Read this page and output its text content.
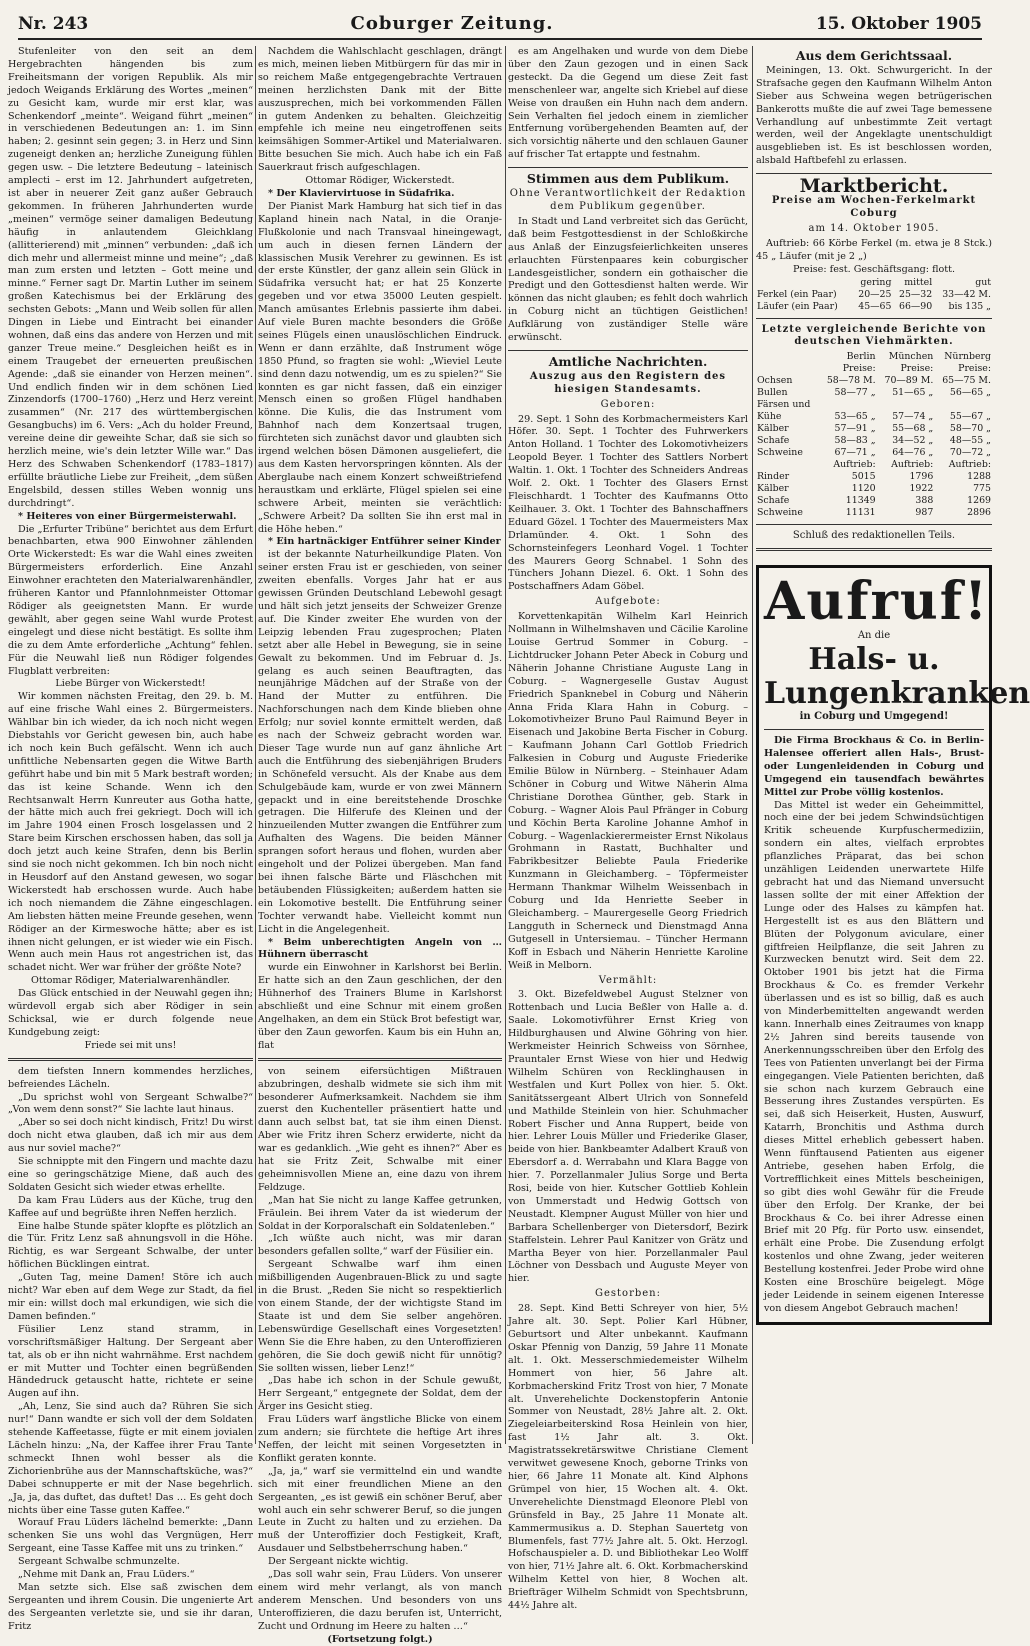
Nr. 243	Coburger Zeitung.	15. Oktober 1905

Stufenleiter von den seit an dem Hergebrachten hängenden bis zum Freiheitsmann der vorigen Republik. Als mir jedoch Weigands Erklärung des Wortes „meinen“ zu Gesicht kam, wurde mir erst klar, was Schenkendorf „meinte“. Weigand führt „meinen“ in verschiedenen Bedeutungen an: 1. im Sinn haben; 2. gesinnt sein gegen; 3. in Herz und Sinn zugeneigt denken an; herzliche Zuneigung fühlen gegen usw. – Die letztere Bedeutung – lateinisch amplecti – erst im 12. Jahrhundert aufgetreten, ist aber in neuerer Zeit ganz außer Gebrauch gekommen. In früheren Jahrhunderten wurde „meinen“ vermöge seiner damaligen Bedeutung häufig in anlautendem Gleichklang (allitterierend) mit „minnen“ verbunden: „daß ich dich mehr und allermeist minne und meine“; „daß man zum ersten und letzten – Gott meine und minne.“ Ferner sagt Dr. Martin Luther im seinem großen Katechismus bei der Erklärung des sechsten Gebots: „Mann und Weib sollen für allen Dingen in Liebe und Eintracht bei einander wohnen, daß eins das andere von Herzen und mit ganzer Treue meine.“ Desgleichen heißt es in einem Traugebet der erneuerten preußischen Agende: „daß sie einander von Herzen meinen“. Und endlich finden wir in dem schönen Lied Zinzendorfs (1700–1760) „Herz und Herz vereint zusammen“ (Nr. 217 des württembergischen Gesangbuchs) im 6. Vers: „Ach du holder Freund, vereine deine dir geweihte Schar, daß sie sich so herzlich meine, wie's dein letzter Wille war.“ Das Herz des Schwaben Schenkendorf (1783–1817) erfüllte bräutliche Liebe zur Freiheit, „dem süßen Engelsbild, dessen stilles Weben wonnig uns durchdringt“.

* Heiteres von einer Bürgermeisterwahl.

Die „Erfurter Tribüne“ berichtet aus dem Erfurt benachbarten, etwa 900 Einwohner zählenden Orte Wickerstedt: Es war die Wahl eines zweiten Bürgermeisters erforderlich. Eine Anzahl Einwohner erachteten den Materialwarenhändler, früheren Kantor und Pfannlohnmeister Ottomar Rödiger als geeignetsten Mann. Er wurde gewählt, aber gegen seine Wahl wurde Protest eingelegt und diese nicht bestätigt. Es sollte ihm die zu dem Amte erforderliche „Achtung“ fehlen. Für die Neuwahl ließ nun Rödiger folgendes Flugblatt verbreiten:

Liebe Bürger von Wickerstedt!

Wir kommen nächsten Freitag, den 29. b. M. auf eine frische Wahl eines 2. Bürgermeisters. Wählbar bin ich wieder, da ich noch nicht wegen Diebstahls vor Gericht gewesen bin, auch habe ich noch kein Buch gefälscht. Wenn ich auch unfittliche Nebensarten gegen die Witwe Barth geführt habe und bin mit 5 Mark bestraft worden; das ist keine Schande. Wenn ich den Rechtsanwalt Herrn Kunreuter aus Gotha hatte, der hätte mich auch frei gekriegt. Doch will ich im Jahre 1904 einen Frosch losgelassen und 2 Stare beim Kirschen erschossen haben, das soll ja doch jetzt auch keine Strafen, denn bis Berlin sind sie noch nicht gekommen. Ich bin noch nicht in Heusdorf auf den Anstand gewesen, wo sogar Wickerstedt hab erschossen wurde. Auch habe ich noch niemandem die Zähne eingeschlagen. Am liebsten hätten meine Freunde gesehen, wenn Rödiger an der Kirmeswoche hätte; aber es ist ihnen nicht gelungen, er ist wieder wie ein Fisch. Wenn auch mein Haus rot angestrichen ist, das schadet nicht. Wer war früher der größte Note?

Ottomar Rödiger, Materialwarenhändler.

Das Glück entschied in der Neuwahl gegen ihn; würdevoll ergab sich aber Rödiger in sein Schicksal, wie er durch folgende neue Kundgebung zeigt:

Friede sei mit uns!

dem tiefsten Innern kommendes herzliches, befreiendes Lächeln.

„Du sprichst wohl von Sergeant Schwalbe?“ „Von wem denn sonst?“ Sie lachte laut hinaus.

„Aber so sei doch nicht kindisch, Fritz! Du wirst doch nicht etwa glauben, daß ich mir aus dem aus nur soviel mache?“

Sie schnippte mit den Fingern und machte dazu eine so geringschätzige Miene, daß auch des Soldaten Gesicht sich wieder etwas erhellte.

Da kam Frau Lüders aus der Küche, trug den Kaffee auf und begrüßte ihren Neffen herzlich.

Eine halbe Stunde später klopfte es plötzlich an die Tür. Fritz Lenz saß ahnungsvoll in die Höhe. Richtig, es war Sergeant Schwalbe, der unter höflichen Bücklingen eintrat.

„Guten Tag, meine Damen! Störe ich auch nicht? War eben auf dem Wege zur Stadt, da fiel mir ein: willst doch mal erkundigen, wie sich die Damen befinden.“

Füsilier Lenz stand stramm, in vorschriftsmäßiger Haltung. Der Sergeant aber tat, als ob er ihn nicht wahrnähme. Erst nachdem er mit Mutter und Tochter einen begrüßenden Händedruck getauscht hatte, richtete er seine Augen auf ihn.

„Ah, Lenz, Sie sind auch da? Rühren Sie sich nur!“ Dann wandte er sich voll der dem Soldaten stehende Kaffeetasse, fügte er mit einem jovialen Lächeln hinzu: „Na, der Kaffee ihrer Frau Tante schmeckt Ihnen wohl besser als die Zichorienbrühe aus der Mannschaftsküche, was?“ Dabei schnupperte er mit der Nase begehrlich. „Ja, ja, das duftet, das duftet! Das … Es geht doch nichts über eine Tasse guten Kaffee.“

Worauf Frau Lüders lächelnd bemerkte: „Dann schenken Sie uns wohl das Vergnügen, Herr Sergeant, eine Tasse Kaffee mit uns zu trinken.“

Sergeant Schwalbe schmunzelte.

„Nehme mit Dank an, Frau Lüders.“

Man setzte sich. Else saß zwischen dem Sergeanten und ihrem Cousin. Die ungenierte Art des Sergeanten verletzte sie, und sie ihr daran, Fritz

Nachdem die Wahlschlacht geschlagen, drängt es mich, meinen lieben Mitbürgern für das mir in so reichem Maße entgegengebrachte Vertrauen meinen herzlichsten Dank mit der Bitte auszusprechen, mich bei vorkommenden Fällen in gutem Andenken zu behalten. Gleichzeitig empfehle ich meine neu eingetroffenen seits keimsähigen Sommer-Artikel und Materialwaren. Bitte besuchen Sie mich. Auch habe ich ein Faß Sauerkraut frisch aufgeschlagen.

Ottomar Rödiger, Wickerstedt.

* Der Klaviervirtuose in Südafrika.

Der Pianist Mark Hamburg hat sich tief in das Kapland hinein nach Natal, in die Oranje-Flußkolonie und nach Transvaal hineingewagt, um auch in diesen fernen Ländern der klassischen Musik Verehrer zu gewinnen. Es ist der erste Künstler, der ganz allein sein Glück in Südafrika versucht hat; er hat 25 Konzerte gegeben und vor etwa 35000 Leuten gespielt. Manch amüsantes Erlebnis passierte ihm dabei. Auf viele Buren machte besonders die Größe seines Flügels einen unauslöschlichen Eindruck. Wenn er dann erzählte, daß Instrument wöge 1850 Pfund, so fragten sie wohl: „Wieviel Leute sind denn dazu notwendig, um es zu spielen?“ Sie konnten es gar nicht fassen, daß ein einziger Mensch einen so großen Flügel handhaben könne. Die Kulis, die das Instrument vom Bahnhof nach dem Konzertsaal trugen, fürchteten sich zunächst davor und glaubten sich irgend welchen bösen Dämonen ausgeliefert, die aus dem Kasten hervorspringen könnten. Als der Aberglaube nach einem Konzert schweißtriefend heraustkam und erklärte, Flügel spielen sei eine schwere Arbeit, meinten sie verächtlich: „Schwere Arbeit? Da sollten Sie ihn erst mal in die Höhe heben.“

* Ein hartnäckiger Entführer seiner Kinder

ist der bekannte Naturheilkundige Platen. Von seiner ersten Frau ist er geschieden, von seiner zweiten ebenfalls. Vorges Jahr hat er aus gewissen Gründen Deutschland Lebewohl gesagt und hält sich jetzt jenseits der Schweizer Grenze auf. Die Kinder zweiter Ehe wurden von der Leipzig lebenden Frau zugesprochen; Platen setzt aber alle Hebel in Bewegung, sie in seine Gewalt zu bekommen. Und im Februar d. Js. gelang es auch seinen Beauftragten, das neunjährige Mädchen auf der Straße von der Hand der Mutter zu entführen. Die Nachforschungen nach dem Kinde blieben ohne Erfolg; nur soviel konnte ermittelt werden, daß es nach der Schweiz gebracht worden war. Dieser Tage wurde nun auf ganz ähnliche Art auch die Entführung des siebenjährigen Bruders in Schönefeld versucht. Als der Knabe aus dem Schulgebäude kam, wurde er von zwei Männern gepackt und in eine bereitstehende Droschke getragen. Die Hilferufe des Kleinen und der hinzueilenden Mutter zwangen die Entführer zum Aufhalten des Wagens. Die beiden Männer sprangen sofort heraus und flohen, wurden aber eingeholt und der Polizei übergeben. Man fand bei ihnen falsche Bärte und Fläschchen mit betäubenden Flüssigkeiten; außerdem hatten sie ein Lokomotive bestellt. Die Entführung seiner Tochter verwandt habe. Vielleicht kommt nun Licht in die Angelegenheit.

* Beim unberechtigten Angeln von … Hühnern überrascht

wurde ein Einwohner in Karlshorst bei Berlin. Er hatte sich an den Zaun geschlichen, der den Hühnerhof des Trainers Blume in Karlshorst abschließt und eine Schnur mit einem großen Angelhaken, an dem ein Stück Brot befestigt war, über den Zaun geworfen. Kaum bis ein Huhn an, flat

von seinem eifersüchtigen Mißtrauen abzubringen, deshalb widmete sie sich ihm mit besonderer Aufmerksamkeit. Nachdem sie ihm zuerst den Kuchenteller präsentiert hatte und dann auch selbst bat, tat sie ihm einen Dienst. Aber wie Fritz ihren Scherz erwiderte, nicht da war es gedanklich. „Wie geht es ihnen?“ Aber es hat sie Fritz Zeit, Schwalbe mit einer geheimnisvollen Miene an, eine dazu von ihrem Feldzuge.

„Man hat Sie nicht zu lange Kaffee getrunken, Fräulein. Bei ihrem Vater da ist wiederum der Soldat in der Korporalschaft ein Soldatenleben.“

„Ich wüßte auch nicht, was mir daran besonders gefallen sollte,“ warf der Füsilier ein.

Sergeant Schwalbe warf ihm einen mißbilligenden Augenbrauen-Blick zu und sagte in die Brust. „Reden Sie nicht so respektierlich von einem Stande, der der wichtigste Stand im Staate ist und dem Sie selber angehören. Lebenswürdige Gesellschaft eines Vorgesetzten! Wenn Sie die Ehre haben, zu den Unteroffizieren gehören, die Sie doch gewiß nicht für unnötig? Sie sollten wissen, lieber Lenz!“

„Das habe ich schon in der Schule gewußt, Herr Sergeant,“ entgegnete der Soldat, dem der Ärger ins Gesicht stieg.

Frau Lüders warf ängstliche Blicke von einem zum andern; sie fürchtete die heftige Art ihres Neffen, der leicht mit seinen Vorgesetzten in Konflikt geraten konnte.

„Ja, ja,“ warf sie vermittelnd ein und wandte sich mit einer freundlichen Miene an den Sergeanten, „es ist gewiß ein schöner Beruf, aber wohl auch ein sehr schwerer Beruf, so die jungen Leute in Zucht zu halten und zu erziehen. Da muß der Unteroffizier doch Festigkeit, Kraft, Ausdauer und Selbstbeherrschung haben.“

Der Sergeant nickte wichtig.

„Das soll wahr sein, Frau Lüders. Von unserer einem wird mehr verlangt, als von manch anderem Menschen. Und besonders von uns Unteroffizieren, die dazu berufen ist, Unterricht, Zucht und Ordnung im Heere zu halten …“

(Fortsetzung folgt.)

es am Angelhaken und wurde von dem Diebe über den Zaun gezogen und in einen Sack gesteckt. Da die Gegend um diese Zeit fast menschenleer war, angelte sich Kriebel auf diese Weise von draußen ein Huhn nach dem andern. Sein Verhalten fiel jedoch einem in ziemlicher Entfernung vorübergehenden Beamten auf, der sich vorsichtig näherte und den schlauen Gauner auf frischer Tat ertappte und festnahm.

Stimmen aus dem Publikum.

Ohne Verantwortlichkeit der Redaktion dem Publikum gegenüber.

In Stadt und Land verbreitet sich das Gerücht, daß beim Festgottesdienst in der Schloßkirche aus Anlaß der Einzugsfeierlichkeiten unseres erlauchten Fürstenpaares kein coburgischer Landesgeistlicher, sondern ein gothaischer die Predigt und den Gottesdienst halten werde. Wir können das nicht glauben; es fehlt doch wahrlich in Coburg nicht an tüchtigen Geistlichen! Aufklärung von zuständiger Stelle wäre erwünscht.

Amtliche Nachrichten.

Auszug aus den Registern des hiesigen Standesamts.

Geboren:

29. Sept. 1 Sohn des Korbmachermeisters Karl Höfer. 30. Sept. 1 Tochter des Fuhrwerkers Anton Holland. 1 Tochter des Lokomotivheizers Leopold Beyer. 1 Tochter des Sattlers Norbert Waltin. 1. Okt. 1 Tochter des Schneiders Andreas Wolf. 2. Okt. 1 Tochter des Glasers Ernst Fleischhardt. 1 Tochter des Kaufmanns Otto Keilhauer. 3. Okt. 1 Tochter des Bahnschaffners Eduard Gözel. 1 Tochter des Mauermeisters Max Drlamünder. 4. Okt. 1 Sohn des Schornsteinfegers Leonhard Vogel. 1 Tochter des Maurers Georg Schnabel. 1 Sohn des Tünchers Johann Diezel. 6. Okt. 1 Sohn des Postschaffners Adam Göbel.

Aufgebote:

Korvettenkapitän Wilhelm Karl Heinrich Nollmann in Wilhelmshaven und Cäcilie Karoline Louise Gertrud Sommer in Coburg. – Lichtdrucker Johann Peter Abeck in Coburg und Näherin Johanne Christiane Auguste Lang in Coburg. – Wagnergeselle Gustav August Friedrich Spanknebel in Coburg und Näherin Anna Frida Klara Hahn in Coburg. – Lokomotivheizer Bruno Paul Raimund Beyer in Eisenach und Jakobine Berta Fischer in Coburg. – Kaufmann Johann Carl Gottlob Friedrich Falkesien in Coburg und Auguste Friederike Emilie Bülow in Nürnberg. – Steinhauer Adam Schöner in Coburg und Witwe Näherin Alma Christiane Dorothea Günther, geb. Stark in Coburg. – Wagner Alois Paul Pfränger in Coburg und Köchin Berta Karoline Johanne Amhof in Coburg. – Wagenlackierermeister Ernst Nikolaus Grohmann in Rastatt, Buchhalter und Fabrikbesitzer Beliebte Paula Friederike Kunzmann in Gleichamberg. – Töpfermeister Hermann Thankmar Wilhelm Weissenbach in Coburg und Ida Henriette Seeber in Gleichamberg. – Maurergeselle Georg Friedrich Langguth in Scherneck und Dienstmagd Anna Gutgesell in Untersiemau. – Tüncher Hermann Koff in Esbach und Näherin Henriette Karoline Weiß in Melborn.

Vermählt:

3. Okt. Bizefeldwebel August Stelzner von Rottenbach und Lucia Beßler von Halle a. d. Saale. Lokomotivführer Ernst Krieg von Hildburghausen und Alwine Göhring von hier. Werkmeister Heinrich Schweiss von Sörnhee, Prauntaler Ernst Wiese von hier und Hedwig Wilhelm Schüren von Recklinghausen in Westfalen und Kurt Pollex von hier. 5. Okt. Sanitätssergeant Albert Ulrich von Sonnefeld und Mathilde Steinlein von hier. Schuhmacher Robert Fischer und Anna Ruppert, beide von hier. Lehrer Louis Müller und Friederike Glaser, beide von hier. Bankbeamter Adalbert Krauß von Ebersdorf a. d. Werrabahn und Klara Bagge von hier. 7. Porzellanmaler Julius Sorge und Berta Rosi, beide von hier. Kutscher Gottlieb Kohlein von Ummerstadt und Hedwig Gottsch von Neustadt. Klempner August Müller von hier und Barbara Schellenberger von Dietersdorf, Bezirk Staffelstein. Lehrer Paul Kanitzer von Grätz und Martha Beyer von hier. Porzellanmaler Paul Löchner von Dessbach und Auguste Meyer von hier.

Gestorben:

28. Sept. Kind Betti Schreyer von hier, 5½ Jahre alt. 30. Sept. Polier Karl Hübner, Geburtsort und Alter unbekannt. Kaufmann Oskar Pfennig von Danzig, 59 Jahre 11 Monate alt. 1. Okt. Messerschmiedemeister Wilhelm Hommert von hier, 56 Jahre alt. Korbmacherskind Fritz Trost von hier, 7 Monate alt. Unverehelichte Dockenstopferin Antonie Sommer von Neustadt, 28½ Jahre alt. 2. Okt. Ziegeleiarbeiterskind Rosa Heinlein von hier, fast 1½ Jahr alt. 3. Okt. Magistratssekretärswitwe Christiane Clement verwitwet gewesene Knoch, geborne Trinks von hier, 66 Jahre 11 Monate alt. Kind Alphons Grümpel von hier, 15 Wochen alt. 4. Okt. Unverehelichte Dienstmagd Eleonore Plebl von Grünsfeld in Bay., 25 Jahre 11 Monate alt. Kammermusikus a. D. Stephan Sauertetg von Blumenfels, fast 77½ Jahre alt. 5. Okt. Herzogl. Hofschauspieler a. D. und Bibliothekar Leo Wolff von hier, 71½ Jahre alt. 6. Okt. Korbmacherskind Wilhelm Kettel von hier, 8 Wochen alt. Briefträger Wilhelm Schmidt von Spechtsbrunn, 44½ Jahre alt.

Aus dem Gerichtssaal.

Meiningen, 13. Okt. Schwurgericht. In der Strafsache gegen den Kaufmann Wilhelm Anton Sieber aus Schweina wegen betrügerischen Bankerotts mußte die auf zwei Tage bemessene Verhandlung auf unbestimmte Zeit vertagt werden, weil der Angeklagte unentschuldigt ausgeblieben ist. Es ist beschlossen worden, alsbald Haftbefehl zu erlassen.

Marktbericht.

Preise am Wochen-Ferkelmarkt Coburg

am 14. Oktober 1905.

Auftrieb: 66 Körbe Ferkel (m. etwa je 8 Stck.) 45 „ Läufer (mit je 2 „)

Preise: fest. Geschäftsgang: flott.

	gering	mittel	gut
Ferkel (ein Paar)	20—25	25—32	33—42 M.
Läufer (ein Paar)	45—65	66—90	bis 135 „

Letzte vergleichende Berichte von deutschen Viehmärkten.

	Berlin	München	Nürnberg
	Preise:	Preise:	Preise:
Ochsen	58—78 M.	70—89 M.	65—75 M.
Bullen	58—77 „	51—65 „	56—65 „
Färsen und			
Kühe	53—65 „	57—74 „	55—67 „
Kälber	57—91 „	55—68 „	58—70 „
Schafe	58—83 „	34—52 „	48—55 „
Schweine	67—71 „	64—76 „	70—72 „
	Auftrieb:	Auftrieb:	Auftrieb:
Rinder	5015	1796	1288
Kälber	1120	1922	775
Schafe	11349	388	1269
Schweine	11131	987	2896

Schluß des redaktionellen Teils.

Aufruf!

An die

Hals- u. Lungenkranken

in Coburg und Umgegend!

Die Firma Brockhaus & Co. in Berlin-Halensee offeriert allen Hals-, Brust- oder Lungenleidenden in Coburg und Umgegend ein tausendfach bewährtes Mittel zur Probe völlig kostenlos.

Das Mittel ist weder ein Geheimmittel, noch eine der bei jedem Schwindsüchtigen Kritik scheuende Kurpfuschermediziin, sondern ein altes, vielfach erprobtes pflanzliches Präparat, das bei schon unzähligen Leidenden unerwartete Hilfe gebracht hat und das Niemand unversucht lassen sollte der mit einer Affektion der Lunge oder des Halses zu kämpfen hat. Hergestellt ist es aus den Blättern und Blüten der Polygonum aviculare, einer giftfreien Heilpflanze, die seit Jahren zu Kurzwecken benutzt wird. Seit dem 22. Oktober 1901 bis jetzt hat die Firma Brockhaus & Co. es fremder Verkehr überlassen und es ist so billig, daß es auch von Minderbemittelten angewandt werden kann. Innerhalb eines Zeitraumes von knapp 2½ Jahren sind bereits tausende von Anerkennungsschreiben über den Erfolg des Tees von Patienten unverlangt bei der Firma eingegangen. Viele Patienten berichten, daß sie schon nach kurzem Gebrauch eine Besserung ihres Zustandes verspürten. Es sei, daß sich Heiserkeit, Husten, Auswurf, Katarrh, Bronchitis und Asthma durch dieses Mittel erheblich gebessert haben. Wenn fünftausend Patienten aus eigener Antriebe, gesehen haben Erfolg, die Vortrefflichkeit eines Mittels bescheinigen, so gibt dies wohl Gewähr für die Freude über den Erfolg. Der Kranke, der bei Brockhaus & Co. bei ihrer Adresse einen Brief mit 20 Pfg. für Porto usw. einsendet, erhält eine Probe. Die Zusendung erfolgt kostenlos und ohne Zwang, jeder weiteren Bestellung kostenfrei. Jeder Probe wird ohne Kosten eine Broschüre beigelegt. Möge jeder Leidende in seinem eigenen Interesse von diesem Angebot Gebrauch machen!
